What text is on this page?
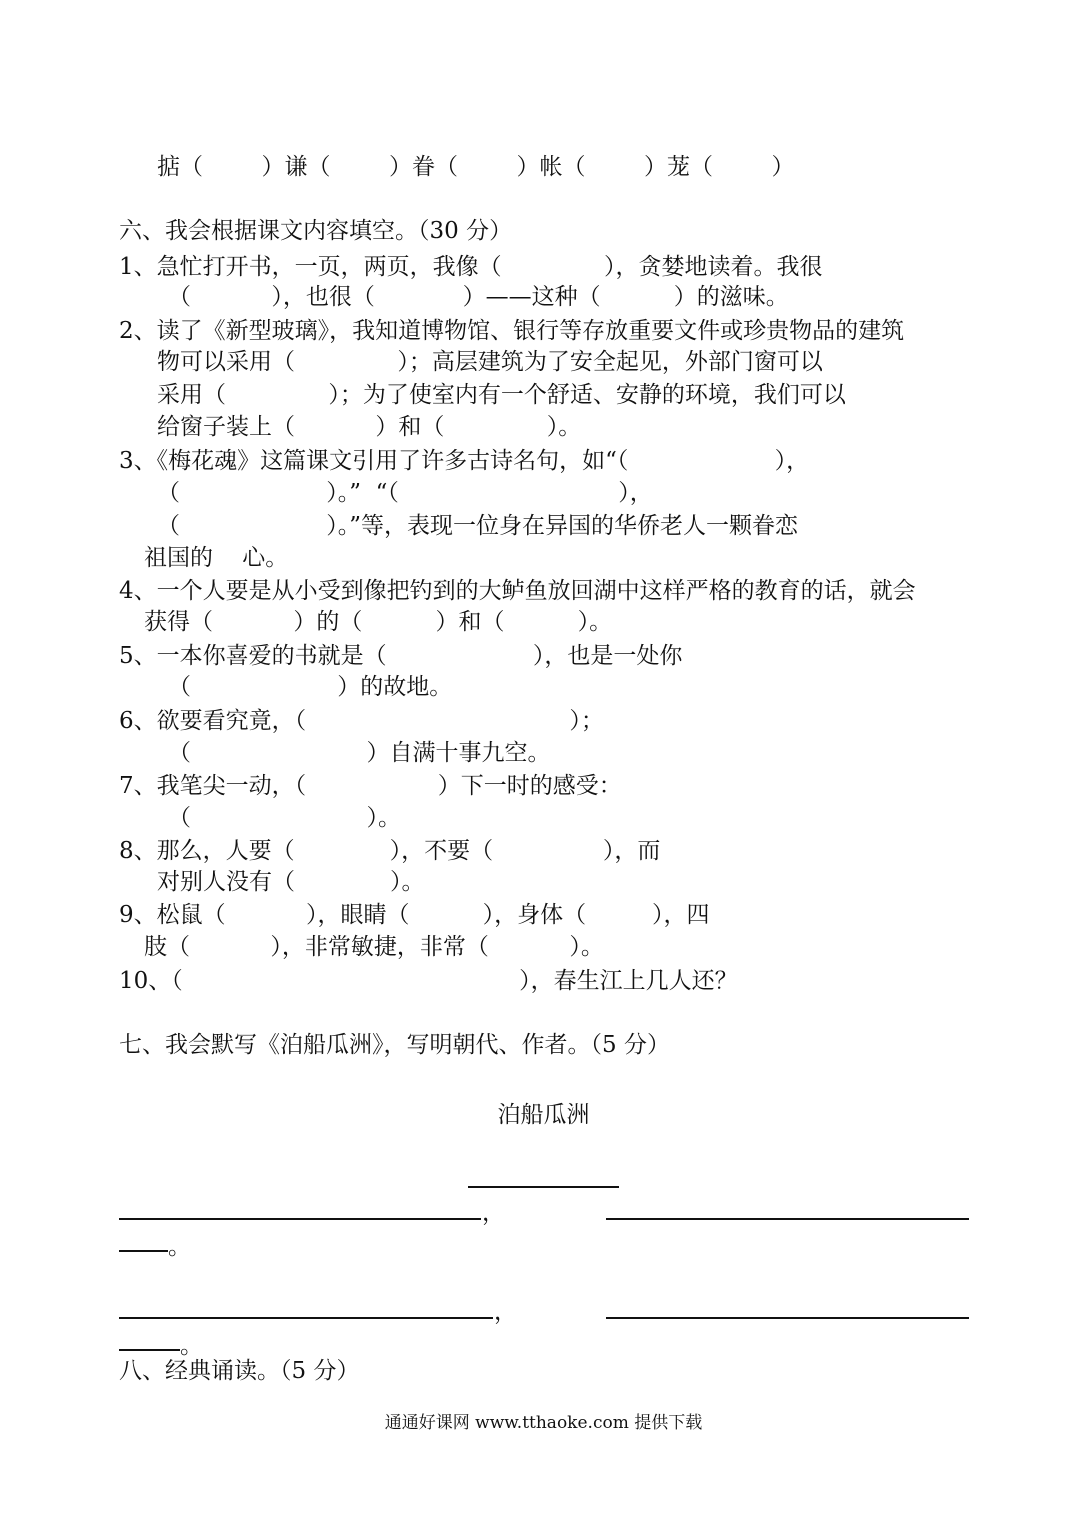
掂（        ）谦（        ）眷（        ）帐（        ）茏（        ）
六、我会根据课文内容填空。（30 分）
1、急忙打开书，一页，两页，我像（              ），贪婪地读着。我很
（           ），也很（            ）——这种（          ）的滋味。
2、读了《新型玻璃》，我知道博物馆、银行等存放重要文件或珍贵物品的建筑
物可以采用（              ）；高层建筑为了安全起见，外部门窗可以
采用（              ）；为了使室内有一个舒适、安静的环境，我们可以
给窗子装上（           ）和（              ）。
3、《梅花魂》这篇课文引用了许多古诗名句，如“（                    ），
（                    ）。”  “（                              ），
（                    ）。”等，表现一位身在异国的华侨老人一颗眷恋
祖国的    心。
4、一个人要是从小受到像把钓到的大鲈鱼放回湖中这样严格的教育的话，就会
获得（           ）的（          ）和（          ）。
5、一本你喜爱的书就是（                    ），也是一处你
（                    ）的故地。
6、欲要看究竟，（                                    ）；
（                        ）自满十事九空。
7、我笔尖一动，（                  ）下一时的感受：
（                        ）。
8、那么，人要（             ），不要（               ），而
对别人没有（             ）。
9、松鼠（           ），眼睛（          ），身体（         ），四
肢（           ），非常敏捷，非常（           ）。
10、（                                              ），春生江上几人还？
七、我会默写《泊船瓜洲》，写明朝代、作者。（5 分）
泊船瓜洲
，
。
，
。
八、经典诵读。（5 分）
通通好课网 www.tthaoke.com 提供下载
